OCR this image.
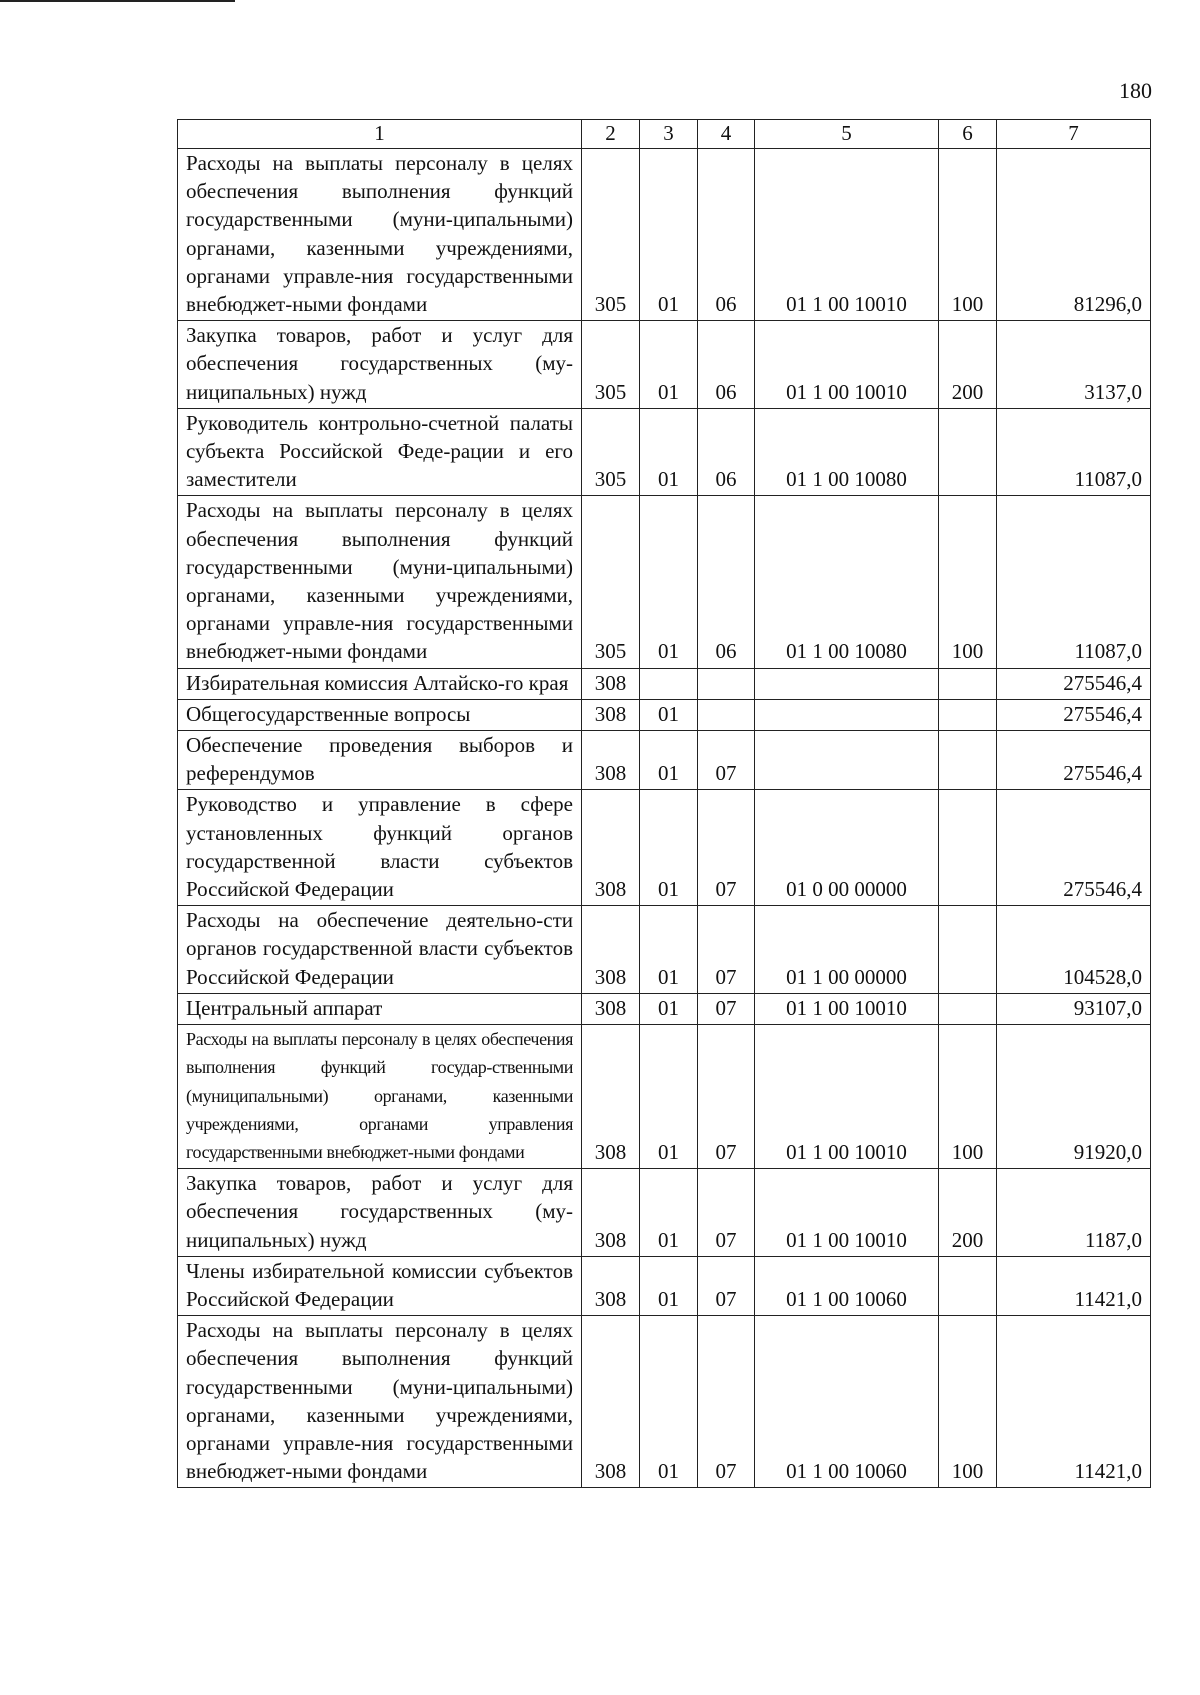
180
1	2	3	4	5	6	7
Расходы на выплаты персоналу в целях обеспечения выполнения функций государственными (муни-ципальными) органами, казенными учреждениями, органами управле-ния государственными внебюджет-ными фондами	305	01	06	01 1 00 10010	100	81296,0
Закупка товаров, работ и услуг для обеспечения государственных (му-ниципальных) нужд	305	01	06	01 1 00 10010	200	3137,0
Руководитель контрольно-счетной палаты субъекта Российской Феде-рации и его заместители	305	01	06	01 1 00 10080		11087,0
Расходы на выплаты персоналу в целях обеспечения выполнения функций государственными (муни-ципальными) органами, казенными учреждениями, органами управле-ния государственными внебюджет-ными фондами	305	01	06	01 1 00 10080	100	11087,0
Избирательная комиссия Алтайско-го края	308					275546,4
Общегосударственные вопросы	308	01				275546,4
Обеспечение проведения выборов и референдумов	308	01	07			275546,4
Руководство и управление в сфере установленных функций органов государственной власти субъектов Российской Федерации	308	01	07	01 0 00 00000		275546,4
Расходы на обеспечение деятельно-сти органов государственной власти субъектов Российской Федерации	308	01	07	01 1 00 00000		104528,0
Центральный аппарат	308	01	07	01 1 00 10010		93107,0
Расходы на выплаты персоналу в целях обеспечения выполнения функций государ-ственными (муниципальными) органами, казенными учреждениями, органами управления государственными внебюджет-ными фондами	308	01	07	01 1 00 10010	100	91920,0
Закупка товаров, работ и услуг для обеспечения государственных (му-ниципальных) нужд	308	01	07	01 1 00 10010	200	1187,0
Члены избирательной комиссии субъектов Российской Федерации	308	01	07	01 1 00 10060		11421,0
Расходы на выплаты персоналу в целях обеспечения выполнения функций государственными (муни-ципальными) органами, казенными учреждениями, органами управле-ния государственными внебюджет-ными фондами	308	01	07	01 1 00 10060	100	11421,0
